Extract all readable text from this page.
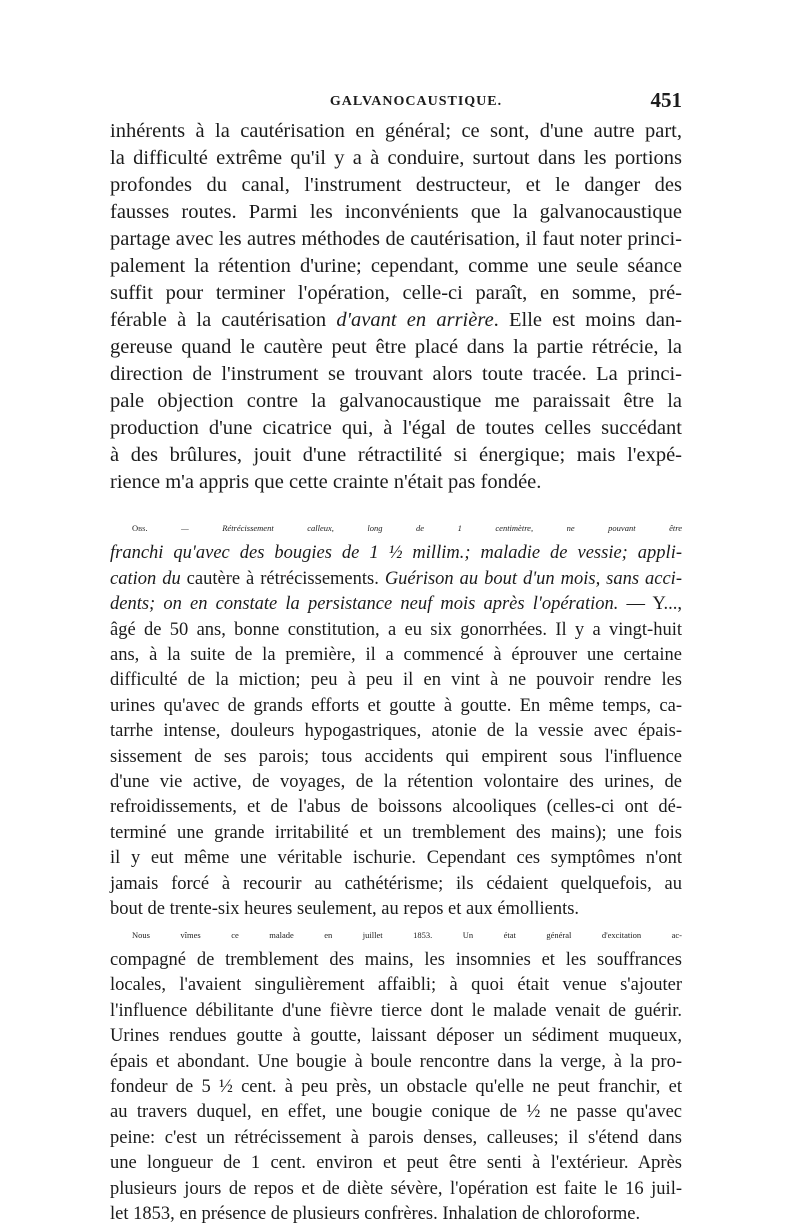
GALVANOCAUSTIQUE.	451
inhérents à la cautérisation en général; ce sont, d'une autre part,
la difficulté extrême qu'il y a à conduire, surtout dans les portions
profondes du canal, l'instrument destructeur, et le danger des
fausses routes. Parmi les inconvénients que la galvanocaustique
partage avec les autres méthodes de cautérisation, il faut noter princi-
palement la rétention d'urine; cependant, comme une seule séance
suffit pour terminer l'opération, celle-ci paraît, en somme, pré-
férable à la cautérisation d'avant en arrière. Elle est moins dan-
gereuse quand le cautère peut être placé dans la partie rétrécie, la
direction de l'instrument se trouvant alors toute tracée. La princi-
pale objection contre la galvanocaustique me paraissait être la
production d'une cicatrice qui, à l'égal de toutes celles succédant
à des brûlures, jouit d'une rétractilité si énergique; mais l'expé-
rience m'a appris que cette crainte n'était pas fondée.
Obs. — Rétrécissement calleux, long de 1 centimètre, ne pouvant être
franchi qu'avec des bougies de 1 ½ millim.; maladie de vessie; appli-
cation du cautère à rétrécissements. Guérison au bout d'un mois, sans acci-
dents; on en constate la persistance neuf mois après l'opération. — Y...,
âgé de 50 ans, bonne constitution, a eu six gonorrhées. Il y a vingt-huit
ans, à la suite de la première, il a commencé à éprouver une certaine
difficulté de la miction; peu à peu il en vint à ne pouvoir rendre les
urines qu'avec de grands efforts et goutte à goutte. En même temps, ca-
tarrhe intense, douleurs hypogastriques, atonie de la vessie avec épais-
sissement de ses parois; tous accidents qui empirent sous l'influence
d'une vie active, de voyages, de la rétention volontaire des urines, de
refroidissements, et de l'abus de boissons alcooliques (celles-ci ont dé-
terminé une grande irritabilité et un tremblement des mains); une fois
il y eut même une véritable ischurie. Cependant ces symptômes n'ont
jamais forcé à recourir au cathétérisme; ils cédaient quelquefois, au
bout de trente-six heures seulement, au repos et aux émollients.
Nous vîmes ce malade en juillet 1853. Un état général d'excitation ac-
compagné de tremblement des mains, les insomnies et les souffrances
locales, l'avaient singulièrement affaibli; à quoi était venue s'ajouter
l'influence débilitante d'une fièvre tierce dont le malade venait de guérir.
Urines rendues goutte à goutte, laissant déposer un sédiment muqueux,
épais et abondant. Une bougie à boule rencontre dans la verge, à la pro-
fondeur de 5 ½ cent. à peu près, un obstacle qu'elle ne peut franchir, et
au travers duquel, en effet, une bougie conique de ½ ne passe qu'avec
peine: c'est un rétrécissement à parois denses, calleuses; il s'étend dans
une longueur de 1 cent. environ et peut être senti à l'extérieur. Après
plusieurs jours de repos et de diète sévère, l'opération est faite le 16 juil-
let 1853, en présence de plusieurs confrères. Inhalation de chloroforme.
